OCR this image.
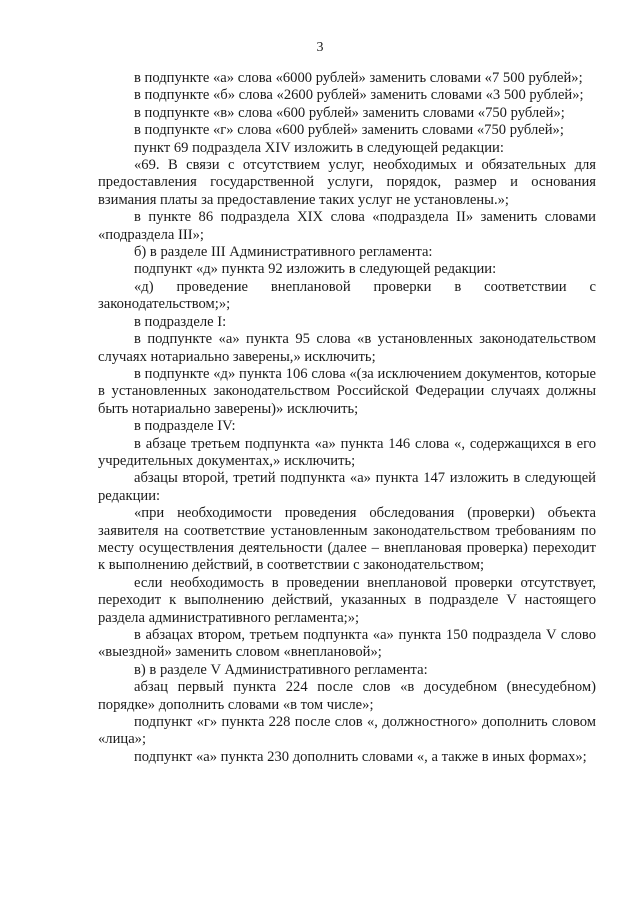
3

в подпункте «а» слова «6000 рублей» заменить словами «7 500 рублей»;

в подпункте «б» слова «2600 рублей» заменить словами «3 500 рублей»;

в подпункте «в» слова «600 рублей» заменить словами «750 рублей»;

в подпункте «г» слова «600 рублей» заменить словами «750 рублей»;

пункт 69 подраздела XIV изложить в следующей редакции:

«69. В связи с отсутствием услуг, необходимых и обязательных для предоставления государственной услуги, порядок, размер и основания взимания платы за предоставление таких услуг не установлены.»;

в пункте 86 подраздела XIX слова «подраздела II» заменить словами «подраздела III»;

б) в разделе III Административного регламента:

подпункт «д» пункта 92 изложить в следующей редакции:

«д) проведение внеплановой проверки в соответствии с законодательством;»;

в подразделе I:

в подпункте «а» пункта 95 слова «в установленных законодательством случаях нотариально заверены,» исключить;

в подпункте «д» пункта 106 слова «(за исключением документов, которые в установленных законодательством Российской Федерации случаях должны быть нотариально заверены)» исключить;

в подразделе IV:

в абзаце третьем подпункта «а» пункта 146 слова «, содержащихся в его учредительных документах,» исключить;

абзацы второй, третий подпункта «а» пункта 147 изложить в следующей редакции:

«при необходимости проведения обследования (проверки) объекта заявителя на соответствие установленным законодательством требованиям по месту осуществления деятельности (далее – внеплановая проверка) переходит к выполнению действий, в соответствии с законодательством;

если необходимость в проведении внеплановой проверки отсутствует, переходит к выполнению действий, указанных в подразделе V настоящего раздела административного регламента;»;

в абзацах втором, третьем подпункта «а» пункта 150 подраздела V слово «выездной» заменить словом «внеплановой»;

в) в разделе V Административного регламента:

абзац первый пункта 224 после слов «в досудебном (внесудебном) порядке» дополнить словами «в том числе»;

подпункт «г» пункта 228 после слов «, должностного» дополнить словом «лица»;

подпункт «а» пункта 230 дополнить словами «, а также в иных формах»;
